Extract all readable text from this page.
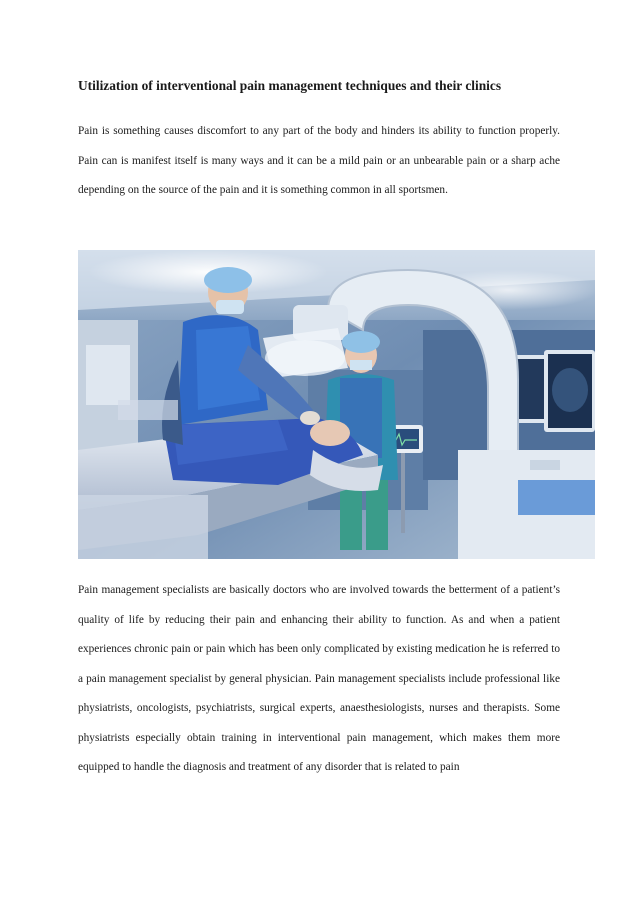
Utilization of interventional pain management techniques and their clinics

Pain is something causes discomfort to any part of the body and hinders its ability to function properly. Pain can is manifest itself is many ways and it can be a mild pain or an unbearable pain or a sharp ache depending on the source of the pain and it is something common in all sportsmen.

Pain management specialists are basically doctors who are involved towards the betterment of a patient’s quality of life by reducing their pain and enhancing their ability to function. As and when a patient experiences chronic pain or pain which has been only complicated by existing medication he is referred to a pain management specialist by general physician. Pain management specialists include professional like physiatrists, oncologists, psychiatrists, surgical experts, anaesthesiologists, nurses and therapists. Some physiatrists especially obtain training in interventional pain management, which makes them more equipped to handle the diagnosis and treatment of any disorder that is related to pain
